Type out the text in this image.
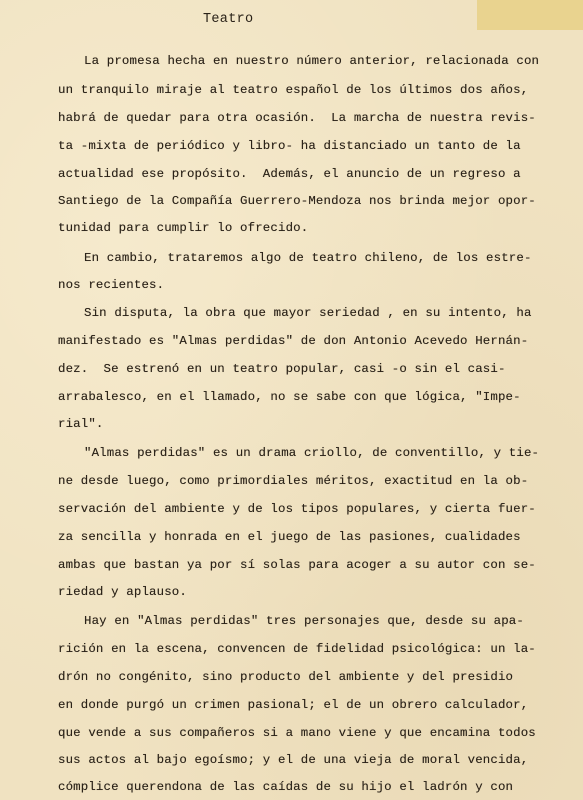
Teatro
La promesa hecha en nuestro número anterior, relacionada con
un tranquilo miraje al teatro español de los últimos dos años,
habrá de quedar para otra ocasión.  La marcha de nuestra revis-
ta -mixta de periódico y libro- ha distanciado un tanto de la
actualidad ese propósito.  Además, el anuncio de un regreso a
Santiego de la Compañía Guerrero-Mendoza nos brinda mejor opor-
tunidad para cumplir lo ofrecido.
En cambio, trataremos algo de teatro chileno, de los estre-
nos recientes.
Sin disputa, la obra que mayor seriedad , en su intento, ha
manifestado es "Almas perdidas" de don Antonio Acevedo Hernán-
dez.  Se estrenó en un teatro popular, casi -o sin el casi-
arrabalesco, en el llamado, no se sabe con que lógica, "Impe-
rial".
"Almas perdidas" es un drama criollo, de conventillo, y tie-
ne desde luego, como primordiales méritos, exactitud en la ob-
servación del ambiente y de los tipos populares, y cierta fuer-
za sencilla y honrada en el juego de las pasiones, cualidades
ambas que bastan ya por sí solas para acoger a su autor con se-
riedad y aplauso.
Hay en "Almas perdidas" tres personajes que, desde su apa-
rición en la escena, convencen de fidelidad psicológica: un la-
drón no congénito, sino producto del ambiente y del presidio
en donde purgó un crimen pasional; el de un obrero calculador,
que vende a sus compañeros si a mano viene y que encamina todos
sus actos al bajo egoísmo; y el de una vieja de moral vencida,
cómplice querendona de las caídas de su hijo el ladrón y con
